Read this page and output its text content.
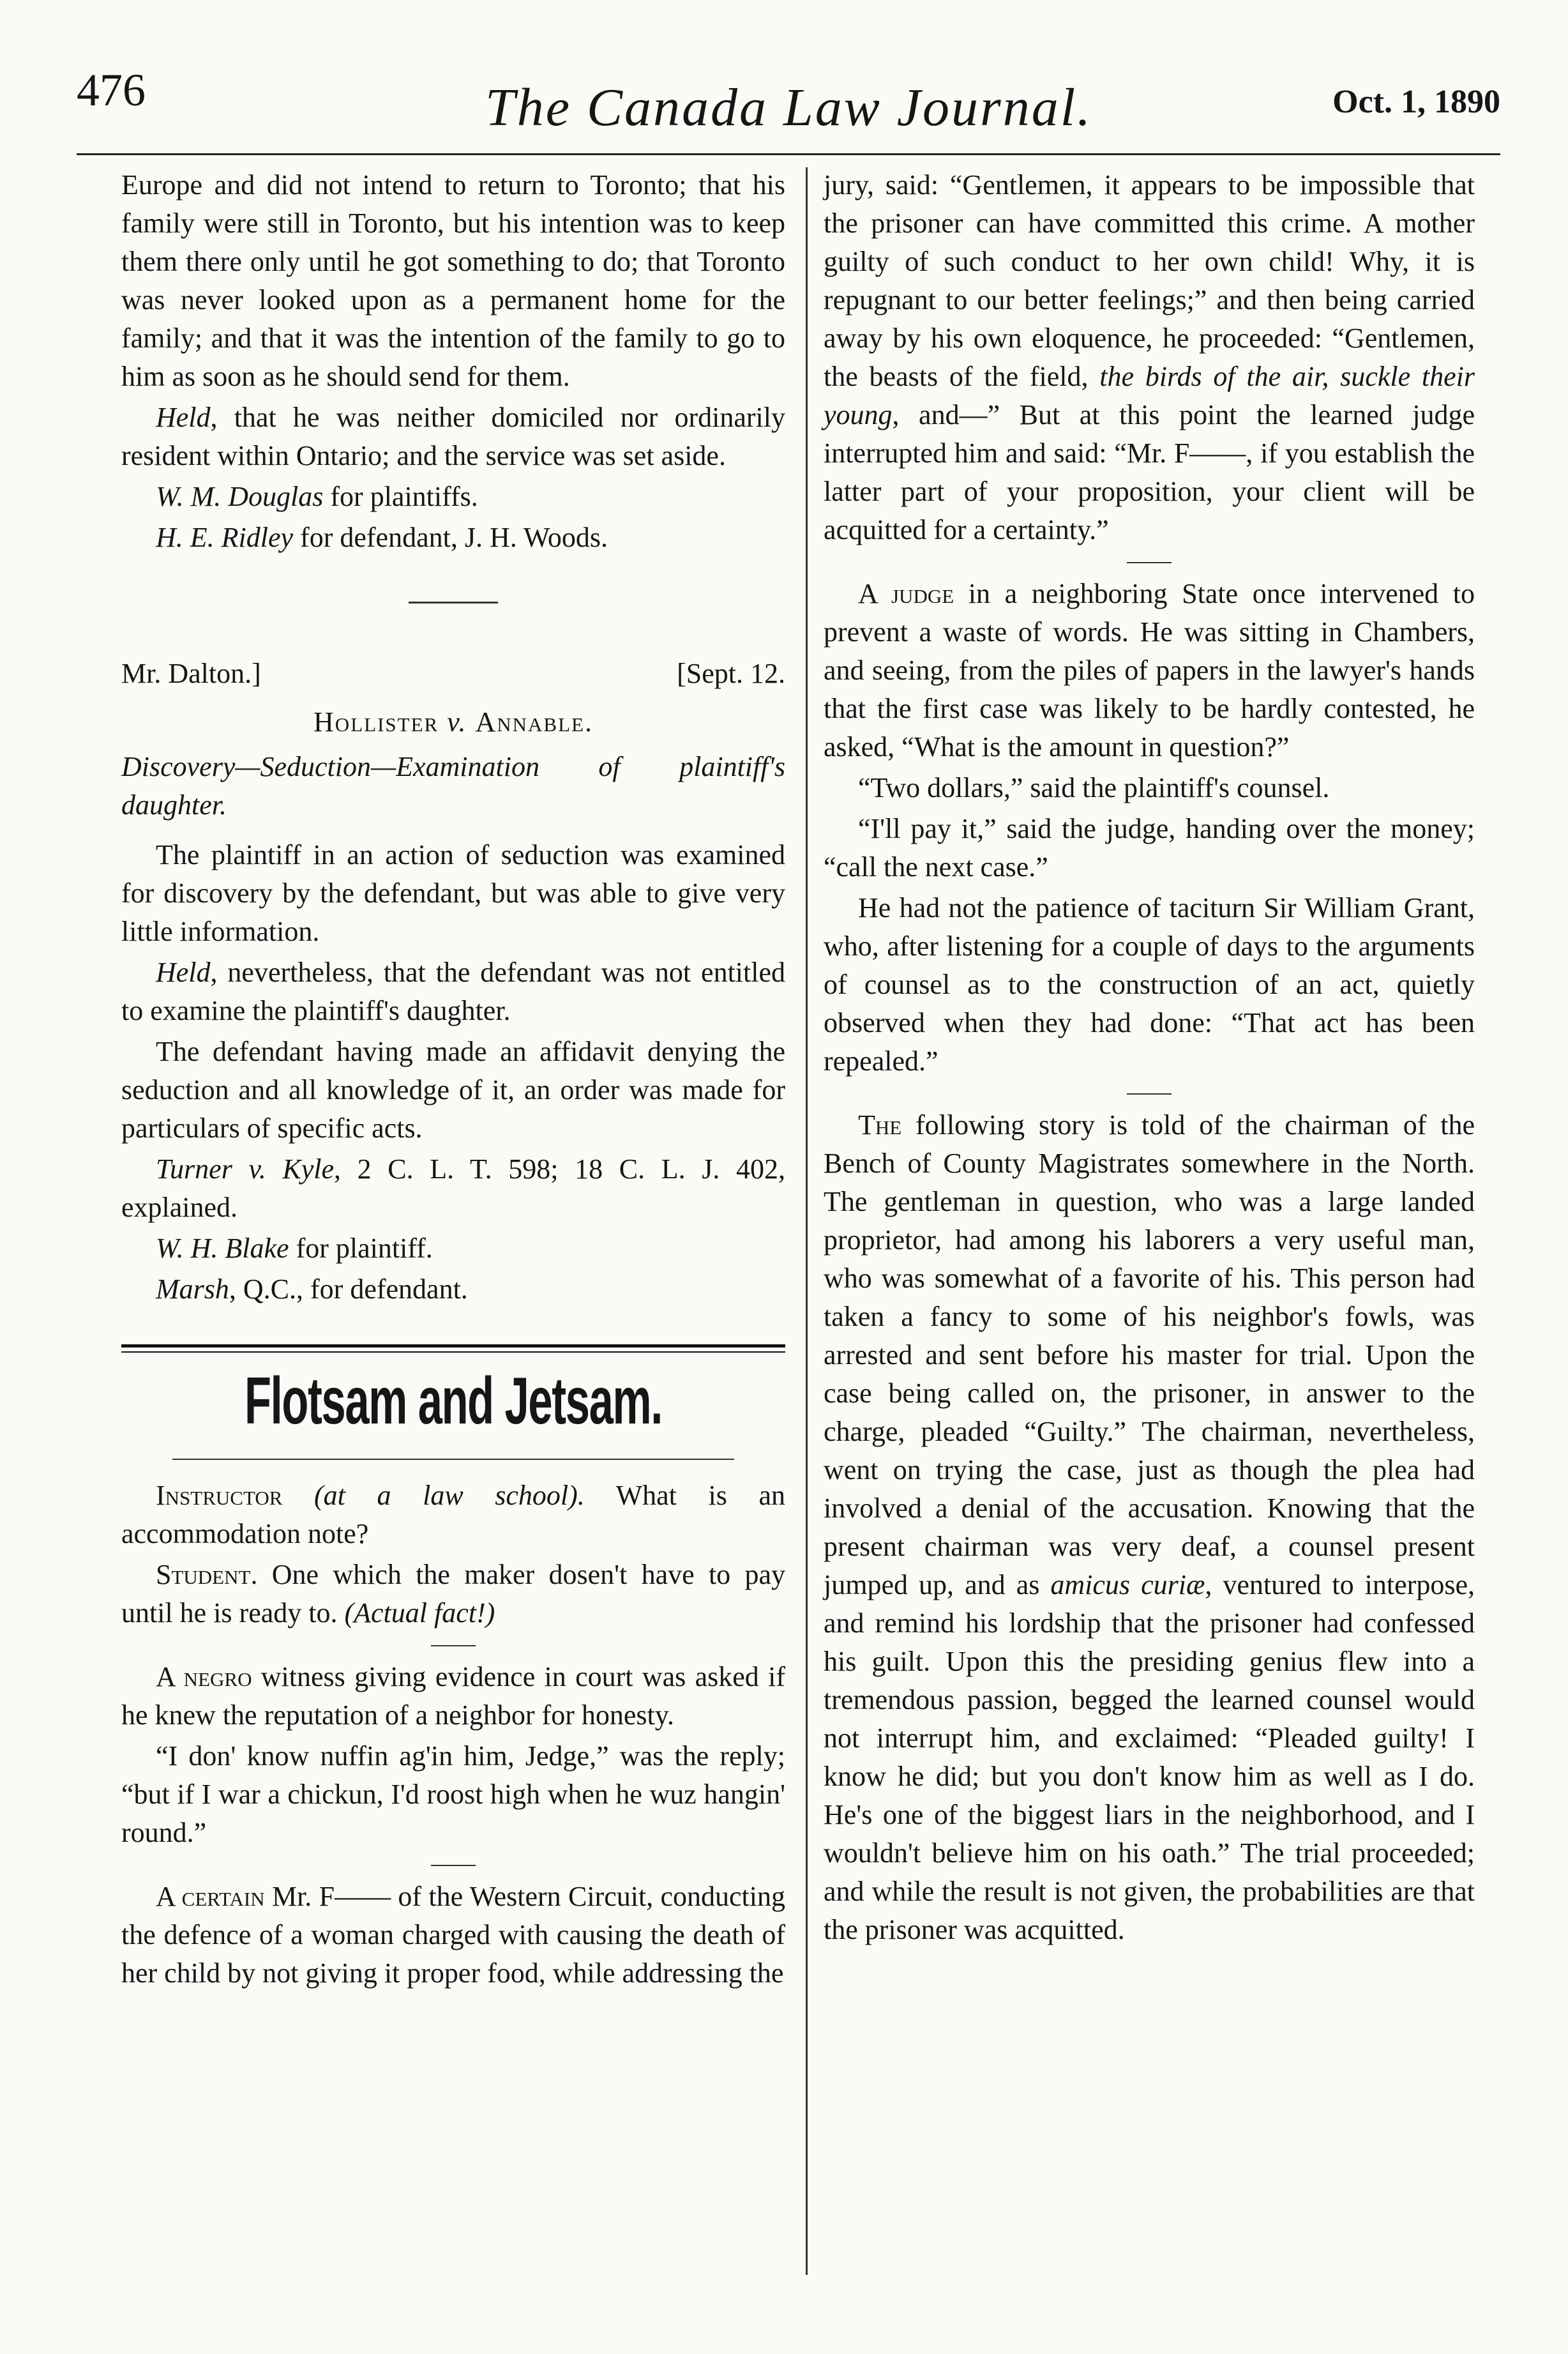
476	The Canada Law Journal.	Oct. 1, 1890

Europe and did not intend to return to Toronto; that his family were still in Toronto, but his intention was to keep them there only until he got something to do; that Toronto was never looked upon as a permanent home for the family; and that it was the intention of the family to go to him as soon as he should send for them.

Held, that he was neither domiciled nor ordinarily resident within Ontario; and the service was set aside.

W. M. Douglas for plaintiffs.

H. E. Ridley for defendant, J. H. Woods.

Mr. Dalton.]	[Sept. 12.
Hollister v. Annable.

Discovery—Seduction—Examination of plaintiff's daughter.

The plaintiff in an action of seduction was examined for discovery by the defendant, but was able to give very little information.

Held, nevertheless, that the defendant was not entitled to examine the plaintiff's daughter.

The defendant having made an affidavit denying the seduction and all knowledge of it, an order was made for particulars of specific acts.

Turner v. Kyle, 2 C. L. T. 598; 18 C. L. J. 402, explained.

W. H. Blake for plaintiff.

Marsh, Q.C., for defendant.

Flotsam and Jetsam.

Instructor (at a law school). What is an accommodation note?

Student. One which the maker dosen't have to pay until he is ready to. (Actual fact!)

A negro witness giving evidence in court was asked if he knew the reputation of a neighbor for honesty.

“I don' know nuffin ag'in him, Jedge,” was the reply; “but if I war a chickun, I'd roost high when he wuz hangin' round.”

A certain Mr. F—— of the Western Circuit, conducting the defence of a woman charged with causing the death of her child by not giving it proper food, while addressing the

jury, said: “Gentlemen, it appears to be impossible that the prisoner can have committed this crime. A mother guilty of such conduct to her own child! Why, it is repugnant to our better feelings;” and then being carried away by his own eloquence, he proceeded: “Gentlemen, the beasts of the field, the birds of the air, suckle their young, and—” But at this point the learned judge interrupted him and said: “Mr. F——, if you establish the latter part of your proposition, your client will be acquitted for a certainty.”

A judge in a neighboring State once intervened to prevent a waste of words. He was sitting in Chambers, and seeing, from the piles of papers in the lawyer's hands that the first case was likely to be hardly contested, he asked, “What is the amount in question?”

“Two dollars,” said the plaintiff's counsel.

“I'll pay it,” said the judge, handing over the money; “call the next case.”

He had not the patience of taciturn Sir William Grant, who, after listening for a couple of days to the arguments of counsel as to the construction of an act, quietly observed when they had done: “That act has been repealed.”

The following story is told of the chairman of the Bench of County Magistrates somewhere in the North. The gentleman in question, who was a large landed proprietor, had among his laborers a very useful man, who was somewhat of a favorite of his. This person had taken a fancy to some of his neighbor's fowls, was arrested and sent before his master for trial. Upon the case being called on, the prisoner, in answer to the charge, pleaded “Guilty.” The chairman, nevertheless, went on trying the case, just as though the plea had involved a denial of the accusation. Knowing that the present chairman was very deaf, a counsel present jumped up, and as amicus curiæ, ventured to interpose, and remind his lordship that the prisoner had confessed his guilt. Upon this the presiding genius flew into a tremendous passion, begged the learned counsel would not interrupt him, and exclaimed: “Pleaded guilty! I know he did; but you don't know him as well as I do. He's one of the biggest liars in the neighborhood, and I wouldn't believe him on his oath.” The trial proceeded; and while the result is not given, the probabilities are that the prisoner was acquitted.
